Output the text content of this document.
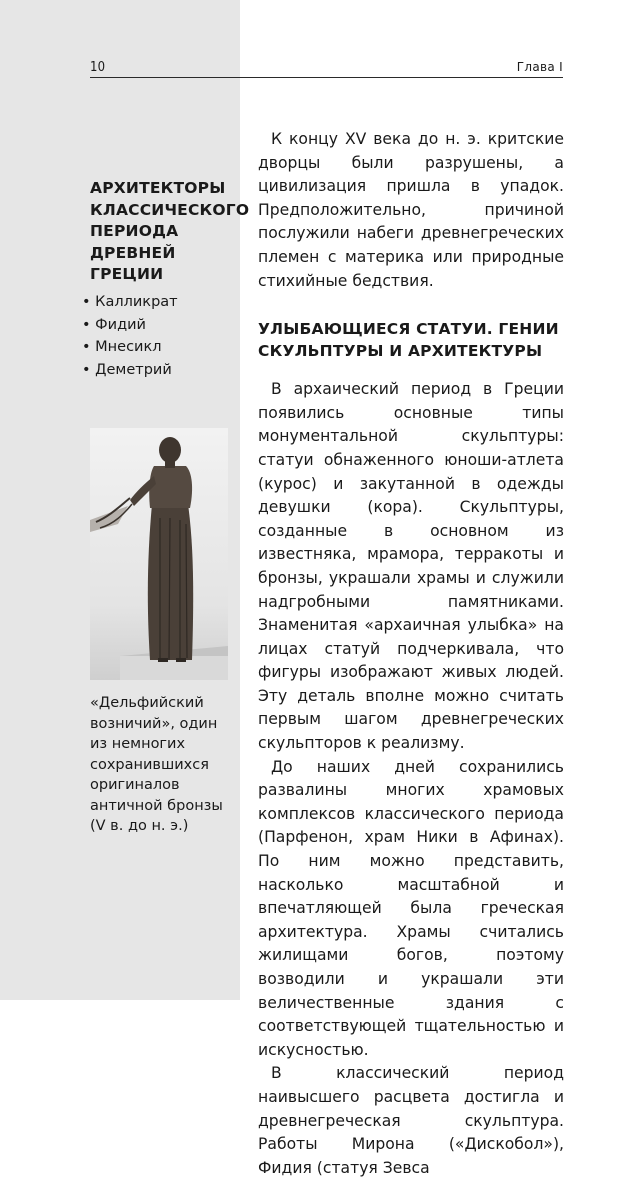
10	Глава I
АРХИТЕКТОРЫ КЛАССИЧЕСКОГО ПЕРИОДА ДРЕВНЕЙ ГРЕЦИИ
• Калликрат
• Фидий
• Мнесикл
• Деметрий
«Дельфийский
возничий», один
из немногих
сохранившихся
оригиналов
античной бронзы
(V в. до н. э.)

К концу XV века до н. э. критские дворцы были разрушены, а цивилизация пришла в упадок. Предположительно, причиной послужили набеги древнегреческих племен с материка или природные стихийные бедствия.

УЛЫБАЮЩИЕСЯ СТАТУИ. ГЕНИИ СКУЛЬПТУРЫ И АРХИТЕКТУРЫ

В архаический период в Греции появились основные типы монументальной скульптуры: статуи обнаженного юноши-атлета (курос) и закутанной в одежды девушки (кора). Скульптуры, созданные в основном из известняка, мрамора, терракоты и бронзы, украшали храмы и служили надгробными памятниками. Знаменитая «архаичная улыбка» на лицах статуй подчеркивала, что фигуры изображают живых людей. Эту деталь вполне можно считать первым шагом древнегреческих скульпторов к реализму.

До наших дней сохранились развалины многих храмовых комплексов классического периода (Парфенон, храм Ники в Афинах). По ним можно представить, насколько масштабной и впечатляющей была греческая архитектура. Храмы считались жилищами богов, поэтому возводили и украшали эти величественные здания с соответствующей тщательностью и искусностью.

В классический период наивысшего расцвета достигла и древнегреческая скульптура. Работы Мирона («Дискобол»), Фидия (статуя Зевса
